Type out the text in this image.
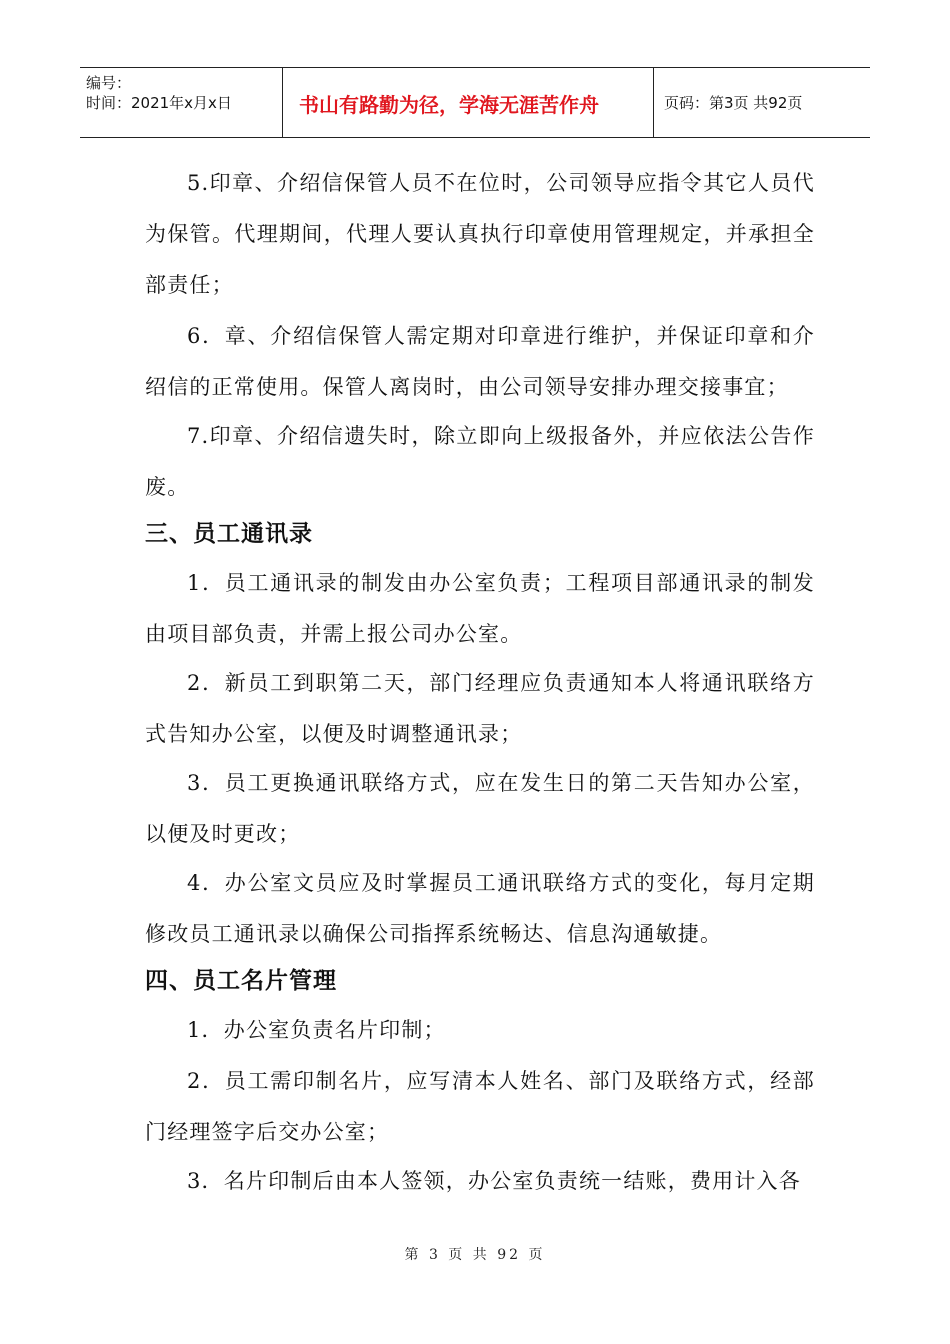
编号：
时间：2021年x月x日	书山有路勤为径，学海无涯苦作舟	页码：第3页 共92页

5.印章、介绍信保管人员不在位时，公司领导应指令其它人员代为保管。代理期间，代理人要认真执行印章使用管理规定，并承担全部责任；

6．章、介绍信保管人需定期对印章进行维护，并保证印章和介绍信的正常使用。保管人离岗时，由公司领导安排办理交接事宜；

7.印章、介绍信遗失时，除立即向上级报备外，并应依法公告作废。

三、员工通讯录

1．员工通讯录的制发由办公室负责；工程项目部通讯录的制发由项目部负责，并需上报公司办公室。

2．新员工到职第二天，部门经理应负责通知本人将通讯联络方式告知办公室，以便及时调整通讯录；

3．员工更换通讯联络方式，应在发生日的第二天告知办公室，以便及时更改；

4．办公室文员应及时掌握员工通讯联络方式的变化，每月定期修改员工通讯录以确保公司指挥系统畅达、信息沟通敏捷。

四、员工名片管理

1．办公室负责名片印制；

2．员工需印制名片，应写清本人姓名、部门及联络方式，经部门经理签字后交办公室；

3．名片印制后由本人签领，办公室负责统一结账，费用计入各

第 3 页 共 92 页
